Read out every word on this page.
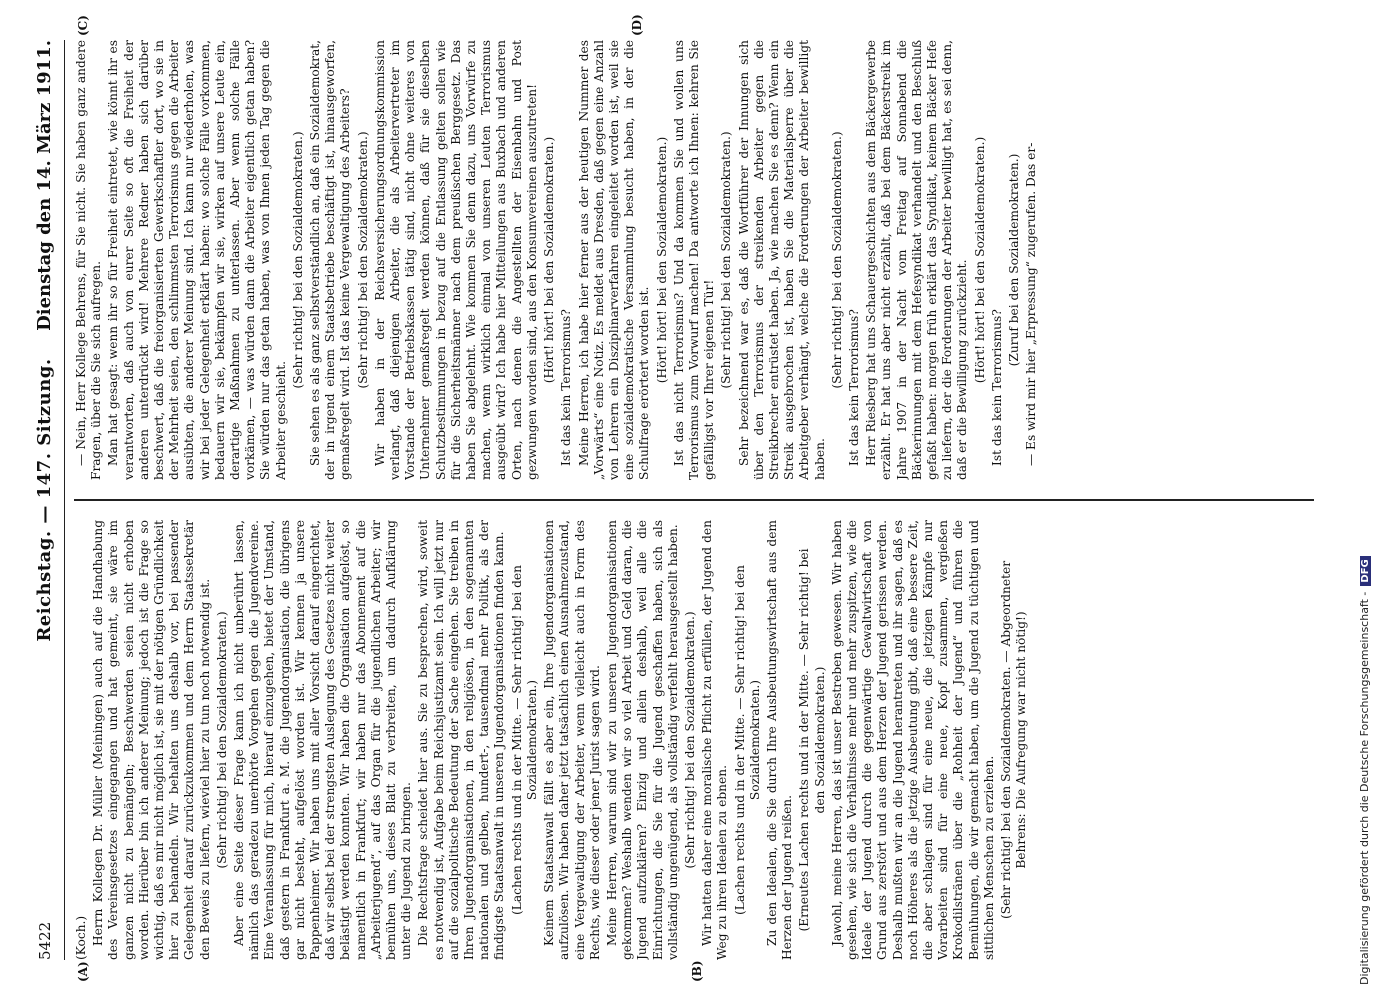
5422
Reichstag. — 147. Sitzung.
Dienstag den 14. März 1911.
(A)	(B)
(C)	(D)

(Koch.) Herrn Kollegen Dr. Müller (Meiningen) auch auf die Handhabung des Vereinsgesetzes eingegangen und hat gemeint, sie wäre im ganzen nicht zu bemängeln; Beschwerden seien nicht erhoben worden. Hierüber bin ich anderer Meinung; jedoch ist die Frage so wichtig, daß es mir nicht möglich ist, sie mit der nötigen Gründlichkeit hier zu behandeln. Wir behalten uns deshalb vor, bei passender Gelegenheit darauf zurückzukommen und dem Herrn Staatssekretär den Beweis zu liefern, wieviel hier zu tun noch notwendig ist. (Sehr richtig! bei den Sozialdemokraten.) Aber eine Seite dieser Frage kann ich nicht unberührt lassen, nämlich das geradezu unerhörte Vorgehen gegen die Jugendvereine. Eine Veranlassung für mich, hierauf einzugehen, bietet der Umstand, daß gestern in Frankfurt a. M. die Jugendorganisation, die übrigens gar nicht besteht, aufgelöst worden ist. Wir kennen ja unsere Pappenheimer. Wir haben uns mit aller Vorsicht darauf eingerichtet, daß wir selbst bei der strengsten Auslegung des Gesetzes nicht weiter belästigt werden konnten. Wir haben die Organisation aufgelöst, so namentlich in Frankfurt; wir haben nur das Abonnement auf die „Arbeiterjugend“, auf das Organ für die jugendlichen Arbeiter; wir bemühen uns, dieses Blatt zu verbreiten, um dadurch Aufklärung unter die Jugend zu bringen. Die Rechtsfrage scheidet hier aus. Sie zu besprechen, wird, soweit es notwendig ist, Aufgabe beim Reichsjustizamt sein. Ich will jetzt nur auf die sozialpolitische Bedeutung der Sache eingehen. Sie treiben in Ihren Jugendorganisationen, in den religiösen, in den sogenannten nationalen und gelben, hundert-, tausendmal mehr Politik, als der findigste Staatsanwalt in unseren Jugendorganisationen finden kann. (Lachen rechts und in der Mitte. — Sehr richtig! bei den Sozialdemokraten.) Keinem Staatsanwalt fällt es aber ein, Ihre Jugendorganisationen aufzulösen. Wir haben daher jetzt tatsächlich einen Ausnahmezustand, eine Vergewaltigung der Arbeiter, wenn vielleicht auch in Form des Rechts, wie dieser oder jener Jurist sagen wird. Meine Herren, warum sind wir zu unseren Jugendorganisationen gekommen? Weshalb wenden wir so viel Arbeit und Geld daran, die Jugend aufzuklären? Einzig und allein deshalb, weil alle die Einrichtungen, die Sie für die Jugend geschaffen haben, sich als vollständig ungenügend, als vollständig verfehlt herausgestellt haben. (Sehr richtig! bei den Sozialdemokraten.) Wir hatten daher eine moralische Pflicht zu erfüllen, der Jugend den Weg zu ihren Idealen zu ebnen. (Lachen rechts und in der Mitte. — Sehr richtig! bei den Sozialdemokraten.) Zu den Idealen, die Sie durch Ihre Ausbeutungswirtschaft aus dem Herzen der Jugend reißen. (Erneutes Lachen rechts und in der Mitte. — Sehr richtig! bei den Sozialdemokraten.) Jawohl, meine Herren, das ist unser Bestreben gewesen. Wir haben gesehen, wie sich die Verhältnisse mehr und mehr zuspitzen, wie die Ideale der Jugend durch die gegenwärtige Gewaltwirtschaft von Grund aus zerstört und aus dem Herzen der Jugend gerissen werden. Deshalb mußten wir an die Jugend herantreten und ihr sagen, daß es noch Höheres als die jetzige Ausbeutung gibt, daß eine bessere Zeit, die aber schlagen sind für eine neue, die jetzigen Kämpfe nur Vorarbeiten sind für eine neue, Kopf zusammen, vergießen Krokodilstränen über die „Rohheit der Jugend“ und führen die Bemühungen, die wir gemacht haben, um die Jugend zu tüchtigen und sittlichen Menschen zu erziehen. (Sehr richtig! bei den Sozialdemokraten. — Abgeordneter Behrens: Die Aufregung war nicht nötig!)

— Nein, Herr Kollege Behrens, für Sie nicht. Sie haben ganz andere Fragen, über die Sie sich aufregen. Man hat gesagt: wenn ihr so für Freiheit eintretet, wie könnt ihr es verantworten, daß auch von eurer Seite so oft die Freiheit der anderen unterdrückt wird! Mehrere Redner haben sich darüber beschwert, daß die freiorganisierten Gewerkschaftler dort, wo sie in der Mehrheit seien, den schlimmsten Terrorismus gegen die Arbeiter ausübten, die anderer Meinung sind. Ich kann nur wiederholen, was wir bei jeder Gelegenheit erklärt haben: wo solche Fälle vorkommen, bedauern wir sie, bekämpfen wir sie, wirken auf unsere Leute ein, derartige Maßnahmen zu unterlassen. Aber wenn solche Fälle vorkämen, — was würden dann die Arbeiter eigentlich getan haben? Sie würden nur das getan haben, was von Ihnen jeden Tag gegen die Arbeiter geschieht.

(Sehr richtig! bei den Sozialdemokraten.) Sie sehen es als ganz selbstverständlich an, daß ein Sozialdemokrat, der in irgend einem Staatsbetriebe beschäftigt ist, hinausgeworfen, gemaßregelt wird. Ist das keine Vergewaltigung des Arbeiters? (Sehr richtig! bei den Sozialdemokraten.) Wir haben in der Reichsversicherungsordnungskommission verlangt, daß diejenigen Arbeiter, die als Arbeitervertreter im Vorstande der Betriebskassen tätig sind, nicht ohne weiteres von Unternehmer gemaßregelt werden können, daß für sie dieselben Schutzbestimmungen in bezug auf die Entlassung gelten sollen wie für die Sicherheitsmänner nach dem preußischen Berggesetz. Das haben Sie abgelehnt. Wie kommen Sie denn dazu, uns Vorwürfe zu machen, wenn wirklich einmal von unseren Leuten Terrorismus ausgeübt wird? Ich habe hier Mitteilungen aus Buxbach und anderen Orten, nach denen die Angestellten der Eisenbahn und Post gezwungen worden sind, aus den Konsumvereinen auszutreten! (Hört! hört! bei den Sozialdemokraten.)

Ist das kein Terrorismus? Meine Herren, ich habe hier ferner aus der heutigen Nummer des „Vorwärts“ eine Notiz. Es meldet aus Dresden, daß gegen eine Anzahl von Lehrern ein Disziplinarverfahren eingeleitet worden ist, weil sie eine sozialdemokratische Versammlung besucht haben, in der die Schulfrage erörtert worden ist. (Hört! hört! bei den Sozialdemokraten.) Ist das nicht Terrorismus? Und da kommen Sie und wollen uns Terrorismus zum Vorwurf machen! Da antworte ich Ihnen: kehren Sie gefälligst vor Ihrer eigenen Tür! (Sehr richtig! bei den Sozialdemokraten.) Sehr bezeichnend war es, daß die Wortführer der Innungen sich über den Terrorismus der streikenden Arbeiter gegen die Streikbrecher entrüstet haben. Ja, wie machen Sie es denn? Wenn ein Streik ausgebrochen ist, haben Sie die Materialsperre über die Arbeitgeber verhängt, welche die Forderungen der Arbeiter bewilligt haben.

(Sehr richtig! bei den Sozialdemokraten.) Ist das kein Terrorismus? Herr Riesberg hat uns Schauergeschichten aus dem Bäckergewerbe erzählt. Er hat uns aber nicht erzählt, daß bei dem Bäckerstreik im Jahre 1907 in der Nacht vom Freitag auf Sonnabend die Bäckerinnungen mit dem Hefesyndikat verhandelt und den Beschluß gefaßt haben: morgen früh erklärt das Syndikat, keinem Bäcker Hefe zu liefern, der die Forderungen der Arbeiter bewilligt hat, es sei denn, daß er die Bewilligung zurückzieht. (Hört! hört! bei den Sozialdemokraten.)

Ist das kein Terrorismus?

(Zuruf bei den Sozialdemokraten.) — Es wird mir hier „Erpressung“ zugerufen. Das er-

Digitalisierung gefördert durch die Deutsche Forschungsgemeinschaft -DFG
